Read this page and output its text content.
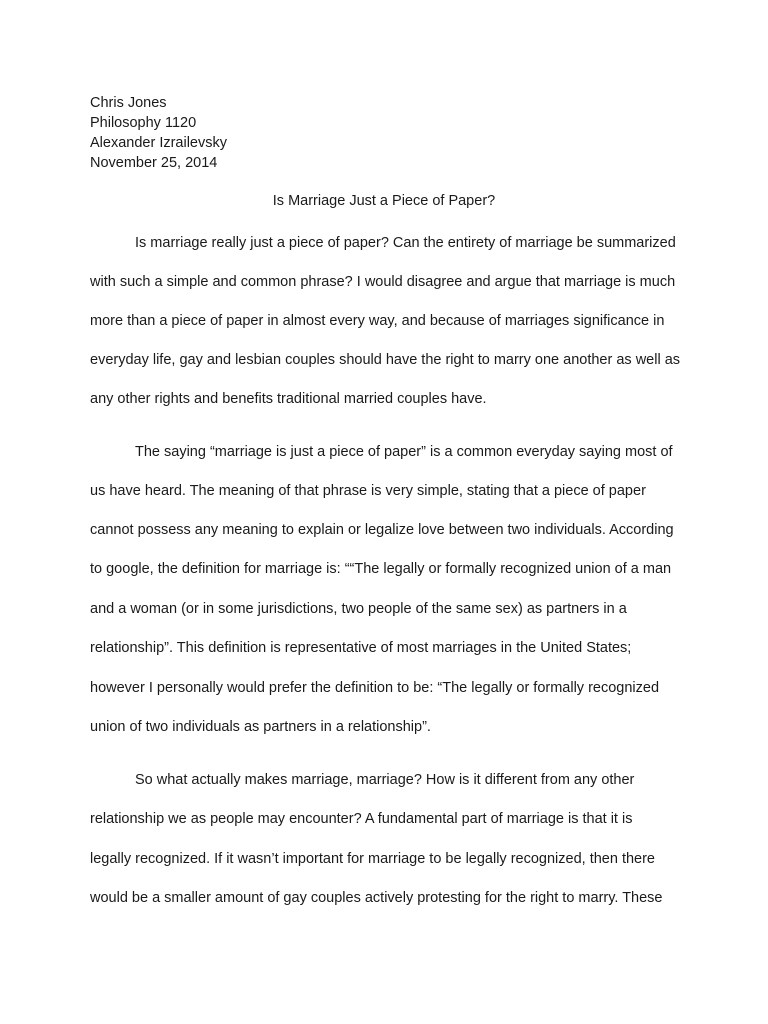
Chris Jones
Philosophy 1120
Alexander Izrailevsky
November 25, 2014
Is Marriage Just a Piece of Paper?
Is marriage really just a piece of paper? Can the entirety of marriage be summarized
with such a simple and common phrase? I would disagree and argue that marriage is much
more than a piece of paper in almost every way, and because of marriages significance in
everyday life, gay and lesbian couples should have the right to marry one another as well as
any other rights and benefits traditional married couples have.
The saying “marriage is just a piece of paper” is a common everyday saying most of
us have heard. The meaning of that phrase is very simple, stating that a piece of paper
cannot possess any meaning to explain or legalize love between two individuals. According
to google, the definition for marriage is: ““The legally or formally recognized union of a man
and a woman (or in some jurisdictions, two people of the same sex) as partners in a
relationship”. This definition is representative of most marriages in the United States;
however I personally would prefer the definition to be: “The legally or formally recognized
union of two individuals as partners in a relationship”.
So what actually makes marriage, marriage? How is it different from any other
relationship we as people may encounter? A fundamental part of marriage is that it is
legally recognized. If it wasn’t important for marriage to be legally recognized, then there
would be a smaller amount of gay couples actively protesting for the right to marry. These
